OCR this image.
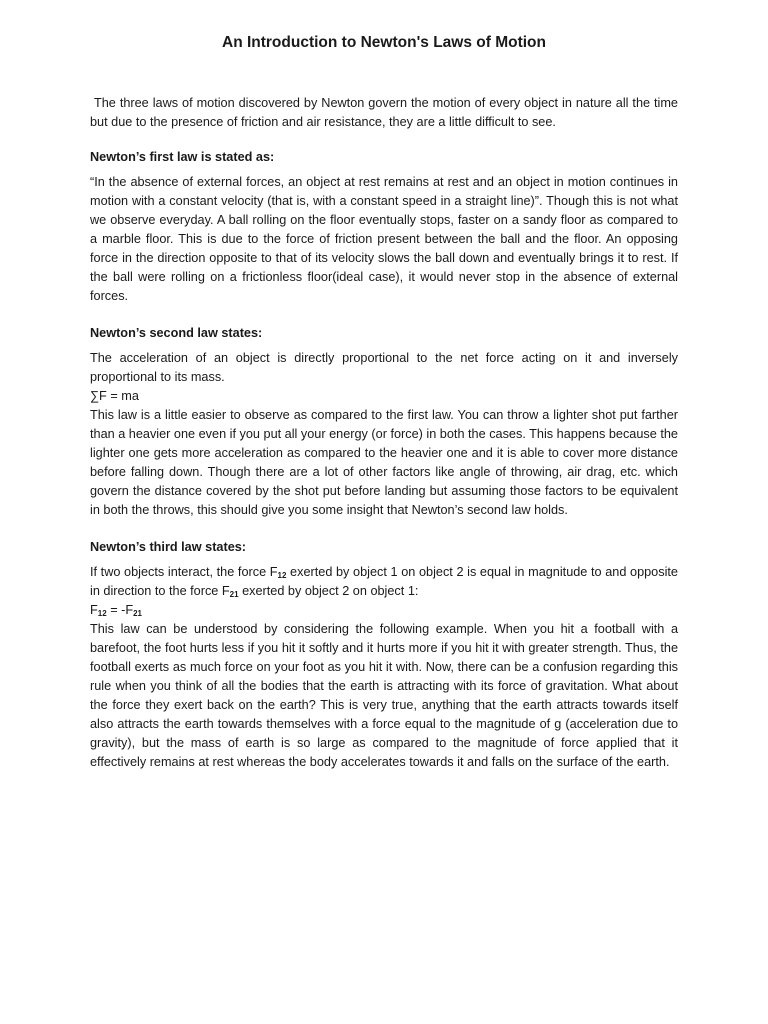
An Introduction to Newton's Laws of Motion

The three laws of motion discovered by Newton govern the motion of every object in nature all the time but due to the presence of friction and air resistance, they are a little difficult to see.

Newton’s first law is stated as:

“In the absence of external forces, an object at rest remains at rest and an object in motion continues in motion with a constant velocity (that is, with a constant speed in a straight line)”. Though this is not what we observe everyday. A ball rolling on the floor eventually stops, faster on a sandy floor as compared to a marble floor. This is due to the force of friction present between the ball and the floor. An opposing force in the direction opposite to that of its velocity slows the ball down and eventually brings it to rest. If the ball were rolling on a frictionless floor(ideal case), it would never stop in the absence of external forces.

Newton’s second law states:

The acceleration of an object is directly proportional to the net force acting on it and inversely proportional to its mass.

∑F = ma

This law is a little easier to observe as compared to the first law. You can throw a lighter shot put farther than a heavier one even if you put all your energy (or force) in both the cases. This happens because the lighter one gets more acceleration as compared to the heavier one and it is able to cover more distance before falling down. Though there are a lot of other factors like angle of throwing, air drag, etc. which govern the distance covered by the shot put before landing but assuming those factors to be equivalent in both the throws, this should give you some insight that Newton’s second law holds.

Newton’s third law states:

If two objects interact, the force $F_{12}$ exerted by object 1 on object 2 is equal in magnitude to and opposite in direction to the force $F_{21}$ exerted by object 2 on object 1:

$F_{12} = -F_{21}$

This law can be understood by considering the following example. When you hit a football with a barefoot, the foot hurts less if you hit it softly and it hurts more if you hit it with greater strength. Thus, the football exerts as much force on your foot as you hit it with. Now, there can be a confusion regarding this rule when you think of all the bodies that the earth is attracting with its force of gravitation. What about the force they exert back on the earth? This is very true, anything that the earth attracts towards itself also attracts the earth towards themselves with a force equal to the magnitude of g (acceleration due to gravity), but the mass of earth is so large as compared to the magnitude of force applied that it effectively remains at rest whereas the body accelerates towards it and falls on the surface of the earth.
